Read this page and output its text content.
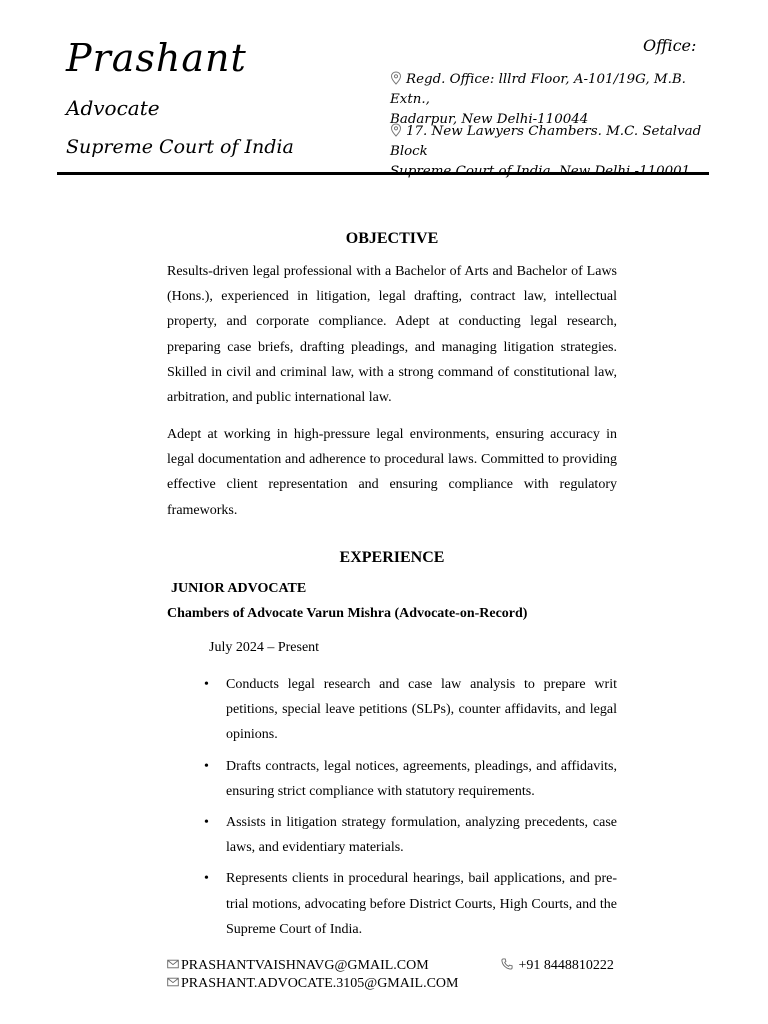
Prashant
Advocate
Supreme Court of India
Office:
Regd. Office: lllrd Floor, A-101/19G, M.B. Extn.,
Badarpur, New Delhi-110044
17. New Lawyers Chambers. M.C. Setalvad Block

OBJECTIVE

Results-driven legal professional with a Bachelor of Arts and Bachelor of Laws (Hons.), experienced in litigation, legal drafting, contract law, intellectual property, and corporate compliance. Adept at conducting legal research, preparing case briefs, drafting pleadings, and managing litigation strategies. Skilled in civil and criminal law, with a strong command of constitutional law, arbitration, and public international law.

Adept at working in high-pressure legal environments, ensuring accuracy in legal documentation and adherence to procedural laws. Committed to providing effective client representation and ensuring compliance with regulatory frameworks.

EXPERIENCE
JUNIOR ADVOCATE
Chambers of Advocate Varun Mishra (Advocate-on-Record)
July 2024 – Present
• Conducts legal research and case law analysis to prepare writ petitions, special leave petitions (SLPs), counter affidavits, and legal opinions.
• Drafts contracts, legal notices, agreements, pleadings, and affidavits, ensuring strict compliance with statutory requirements.
• Assists in litigation strategy formulation, analyzing precedents, case laws, and evidentiary materials.
• Represents clients in procedural hearings, bail applications, and pre-trial motions, advocating before District Courts, High Courts, and the Supreme Court of India.
PRASHANTVAISHNAVG@GMAIL.COM
PRASHANT.ADVOCATE.3105@GMAIL.COM
+91 8448810222
